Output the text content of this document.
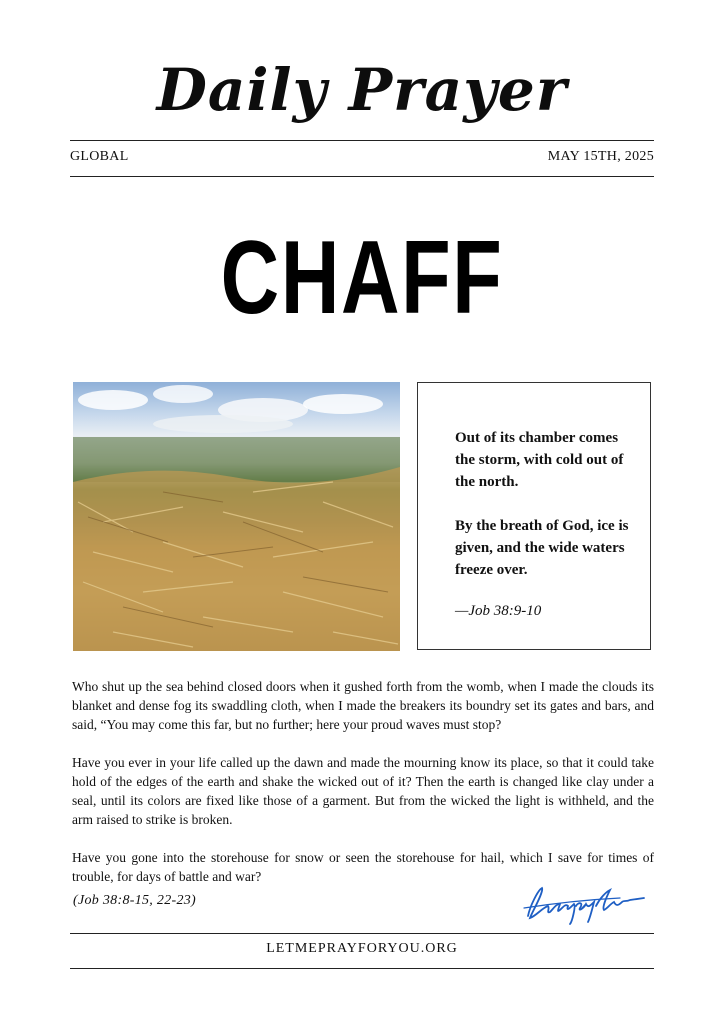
Daily Prayer
GLOBAL	MAY 15TH, 2025
CHAFF

Out of its chamber comes the storm, with cold out of the north.

By the breath of God, ice is given, and the wide waters freeze over.

—Job 38:9-10

Who shut up the sea behind closed doors when it gushed forth from the womb, when I made the clouds its blanket and dense fog its swaddling cloth, when I made the breakers its boundry set its gates and bars, and said, “You may come this far, but no further; here your proud waves must stop?

Have you ever in your life called up the dawn and made the mourning know its place, so that it could take hold of the edges of the earth and shake the wicked out of it? Then the earth is changed like clay under a seal, until its colors are fixed like those of a garment. But from the wicked the light is withheld, and the arm raised to strike is broken.

Have you gone into the storehouse for snow or seen the storehouse for hail, which I save for times of trouble, for days of battle and war?

(Job 38:8-15, 22-23)
LETMEPRAYFORYOU.ORG
